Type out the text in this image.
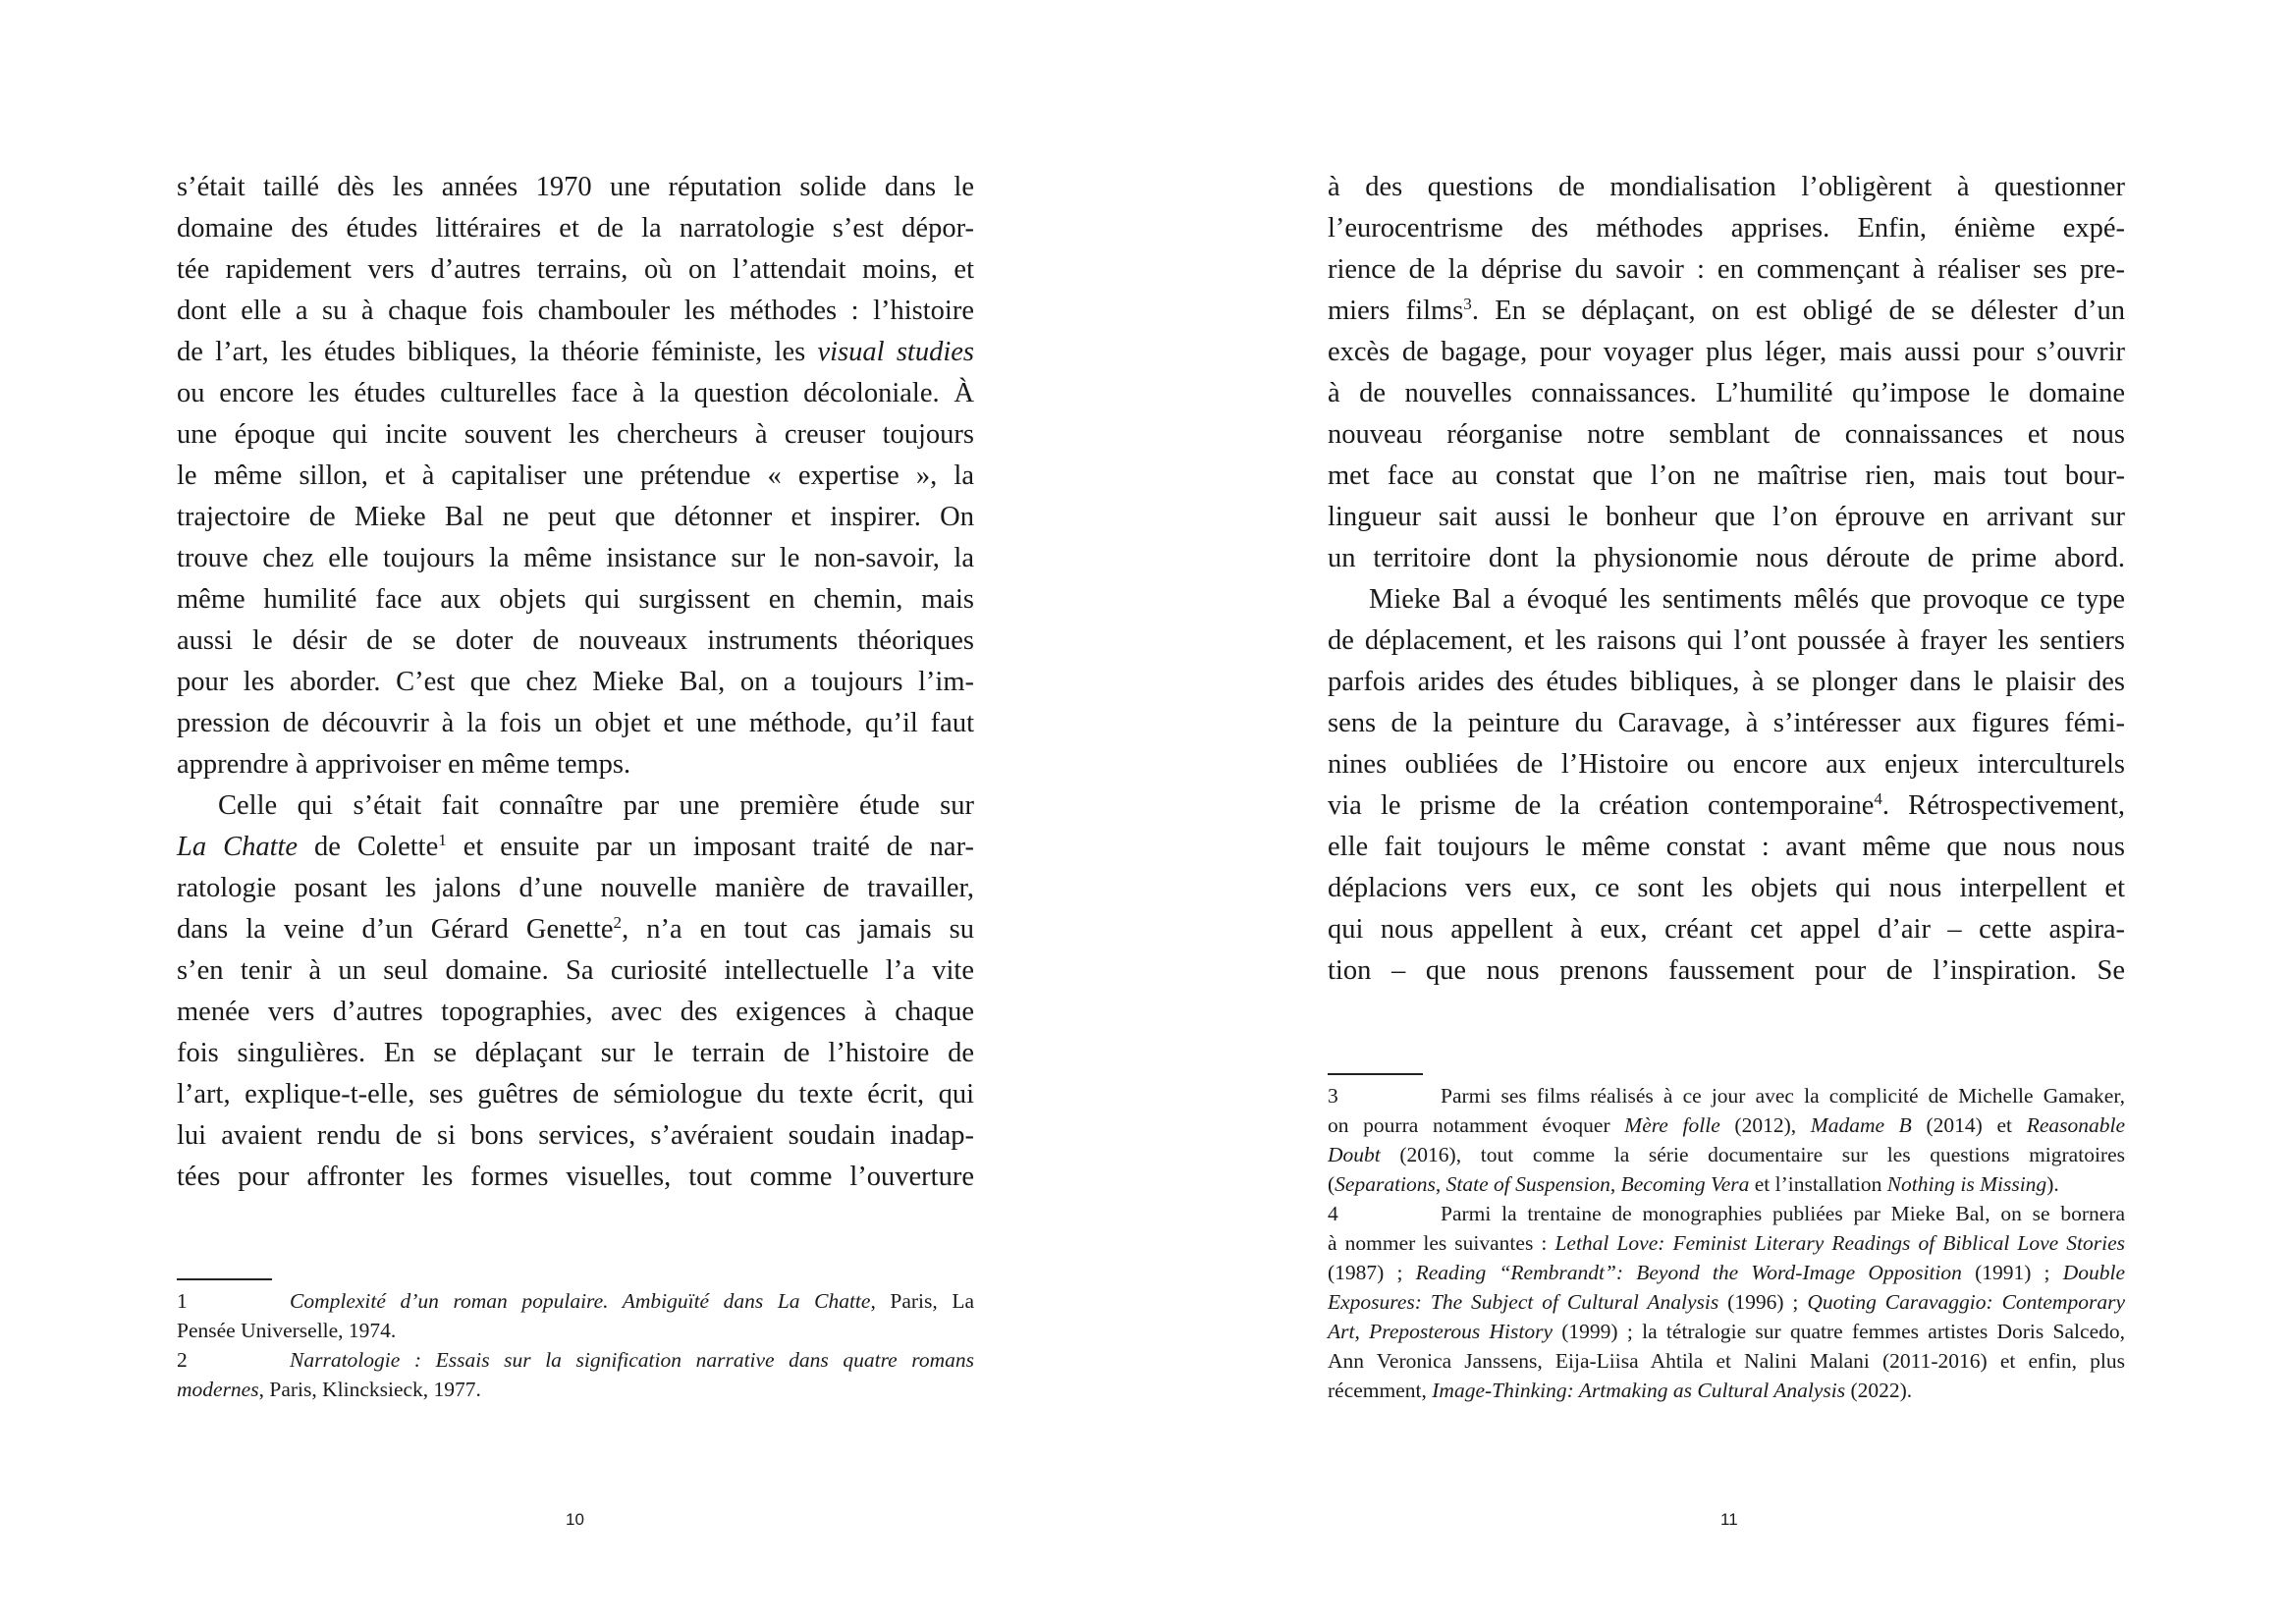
s’était taillé dès les années 1970 une réputation solide dans le
domaine des études littéraires et de la narratologie s’est dépor-
tée rapidement vers d’autres terrains, où on l’attendait moins, et
dont elle a su à chaque fois chambouler les méthodes : l’histoire
de l’art, les études bibliques, la théorie féministe, les visual studies
ou encore les études culturelles face à la question décoloniale. À
une époque qui incite souvent les chercheurs à creuser toujours
le même sillon, et à capitaliser une prétendue « expertise », la
trajectoire de Mieke Bal ne peut que détonner et inspirer. On
trouve chez elle toujours la même insistance sur le non-savoir, la
même humilité face aux objets qui surgissent en chemin, mais
aussi le désir de se doter de nouveaux instruments théoriques
pour les aborder. C’est que chez Mieke Bal, on a toujours l’im-
pression de découvrir à la fois un objet et une méthode, qu’il faut
apprendre à apprivoiser en même temps.
Celle qui s’était fait connaître par une première étude sur
La Chatte de Colette$^1$ et ensuite par un imposant traité de nar-
ratologie posant les jalons d’une nouvelle manière de travailler,
dans la veine d’un Gérard Genette$^2$, n’a en tout cas jamais su
s’en tenir à un seul domaine. Sa curiosité intellectuelle l’a vite
menée vers d’autres topographies, avec des exigences à chaque
fois singulières. En se déplaçant sur le terrain de l’histoire de
l’art, explique-t-elle, ses guêtres de sémiologue du texte écrit, qui
lui avaient rendu de si bons services, s’avéraient soudain inadap-
tées pour affronter les formes visuelles, tout comme l’ouverture
1	Complexité d’un roman populaire. Ambiguïté dans La Chatte, Paris, La
Pensée Universelle, 1974.
2	Narratologie : Essais sur la signification narrative dans quatre romans
modernes, Paris, Klincksieck, 1977.
10
à des questions de mondialisation l’obligèrent à questionner
l’eurocentrisme des méthodes apprises. Enfin, énième expé-
rience de la déprise du savoir : en commençant à réaliser ses pre-
miers films$^3$. En se déplaçant, on est obligé de se délester d’un
excès de bagage, pour voyager plus léger, mais aussi pour s’ouvrir
à de nouvelles connaissances. L’humilité qu’impose le domaine
nouveau réorganise notre semblant de connaissances et nous
met face au constat que l’on ne maîtrise rien, mais tout bour-
lingueur sait aussi le bonheur que l’on éprouve en arrivant sur
un territoire dont la physionomie nous déroute de prime abord.
Mieke Bal a évoqué les sentiments mêlés que provoque ce type
de déplacement, et les raisons qui l’ont poussée à frayer les sentiers
parfois arides des études bibliques, à se plonger dans le plaisir des
sens de la peinture du Caravage, à s’intéresser aux figures fémi-
nines oubliées de l’Histoire ou encore aux enjeux interculturels
via le prisme de la création contemporaine$^4$. Rétrospectivement,
elle fait toujours le même constat : avant même que nous nous
déplacions vers eux, ce sont les objets qui nous interpellent et
qui nous appellent à eux, créant cet appel d’air – cette aspira-
tion – que nous prenons faussement pour de l’inspiration. Se
3	Parmi ses films réalisés à ce jour avec la complicité de Michelle Gamaker,
on pourra notamment évoquer Mère folle (2012), Madame B (2014) et Reasonable
Doubt (2016), tout comme la série documentaire sur les questions migratoires
(Separations, State of Suspension, Becoming Vera et l’installation Nothing is Missing).
4	Parmi la trentaine de monographies publiées par Mieke Bal, on se bornera
à nommer les suivantes : Lethal Love: Feminist Literary Readings of Biblical Love Stories
(1987) ; Reading “Rembrandt”: Beyond the Word-Image Opposition (1991) ; Double
Exposures: The Subject of Cultural Analysis (1996) ; Quoting Caravaggio: Contemporary
Art, Preposterous History (1999) ; la tétralogie sur quatre femmes artistes Doris Salcedo,
Ann Veronica Janssens, Eija-Liisa Ahtila et Nalini Malani (2011-2016) et enfin, plus
récemment, Image-Thinking: Artmaking as Cultural Analysis (2022).
11
